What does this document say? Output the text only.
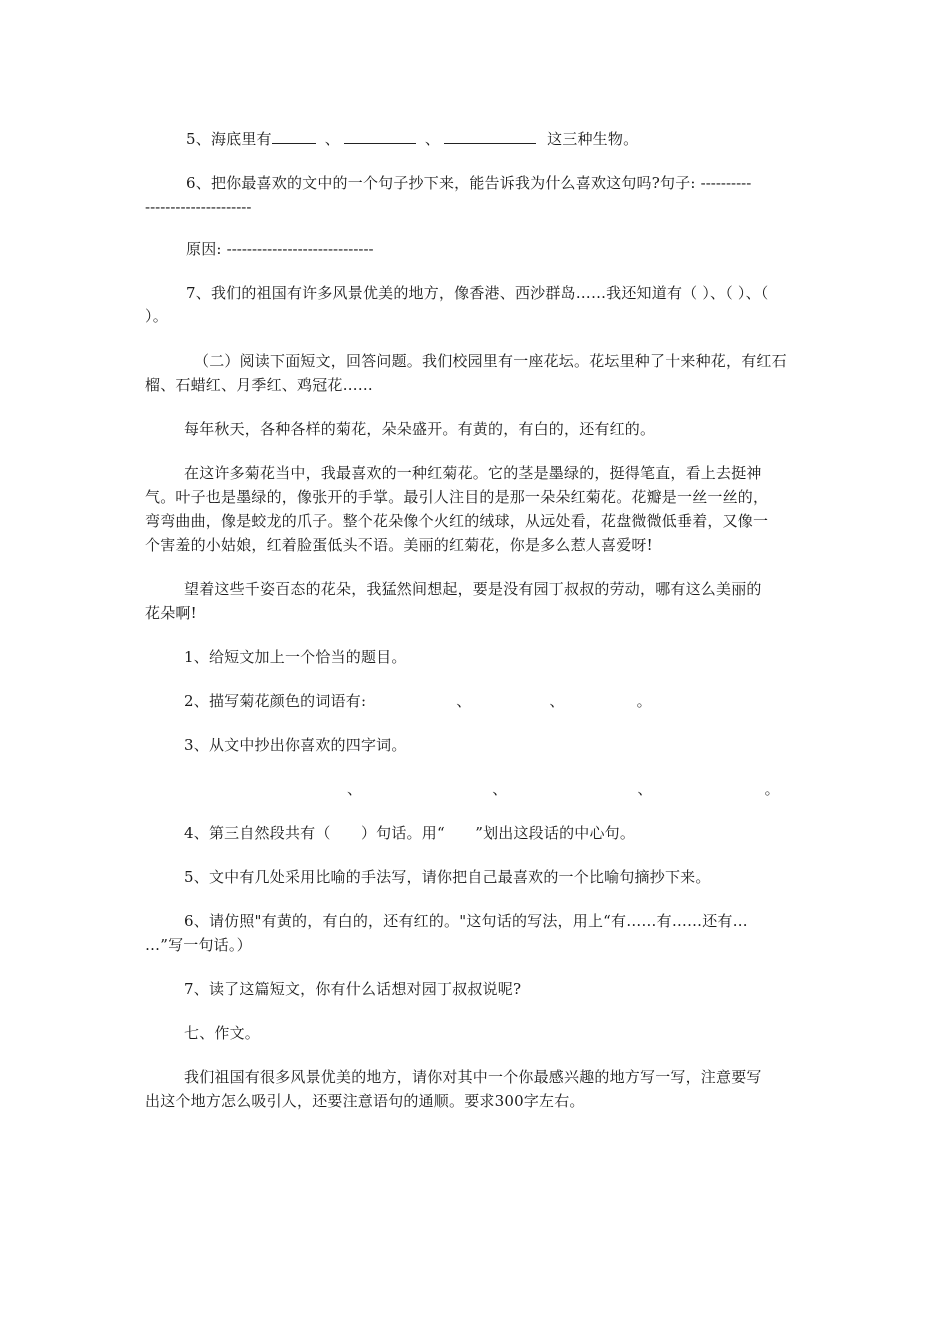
5、海底里有	、	、	这三种生物。
6、把你最喜欢的文中的一个句子抄下来，能告诉我为什么喜欢这句吗?句子: ----------
---------------------
原因: -----------------------------
7、我们的祖国有许多风景优美的地方，像香港、西沙群岛……我还知道有（ ）、（ ）、（
）。
（二）阅读下面短文，回答问题。我们校园里有一座花坛。花坛里种了十来种花，有红石
榴、石蜡红、月季红、鸡冠花……
每年秋天，各种各样的菊花，朵朵盛开。有黄的，有白的，还有红的。
在这许多菊花当中，我最喜欢的一种红菊花。它的茎是墨绿的，挺得笔直，看上去挺神
气。叶子也是墨绿的，像张开的手掌。最引人注目的是那一朵朵红菊花。花瓣是一丝一丝的，
弯弯曲曲，像是蛟龙的爪子。整个花朵像个火红的绒球，从远处看，花盘微微低垂着，又像一
个害羞的小姑娘，红着脸蛋低头不语。美丽的红菊花，你是多么惹人喜爱呀!
望着这些千姿百态的花朵，我猛然间想起，要是没有园丁叔叔的劳动，哪有这么美丽的
花朵啊!
1、给短文加上一个恰当的题目。
2、描写菊花颜色的词语有:	、	、	。
3、从文中抄出你喜欢的四字词。
、	、	、	。
4、第三自然段共有（　　）句话。用“　　”划出这段话的中心句。
5、文中有几处采用比喻的手法写，请你把自己最喜欢的一个比喻句摘抄下来。
6、请仿照"有黄的，有白的，还有红的。"这句话的写法，用上“有……有……还有…
…”写一句话。）
7、读了这篇短文，你有什么话想对园丁叔叔说呢?
七、作文。
我们祖国有很多风景优美的地方，请你对其中一个你最感兴趣的地方写一写，注意要写
出这个地方怎么吸引人，还要注意语句的通顺。要求300字左右。
